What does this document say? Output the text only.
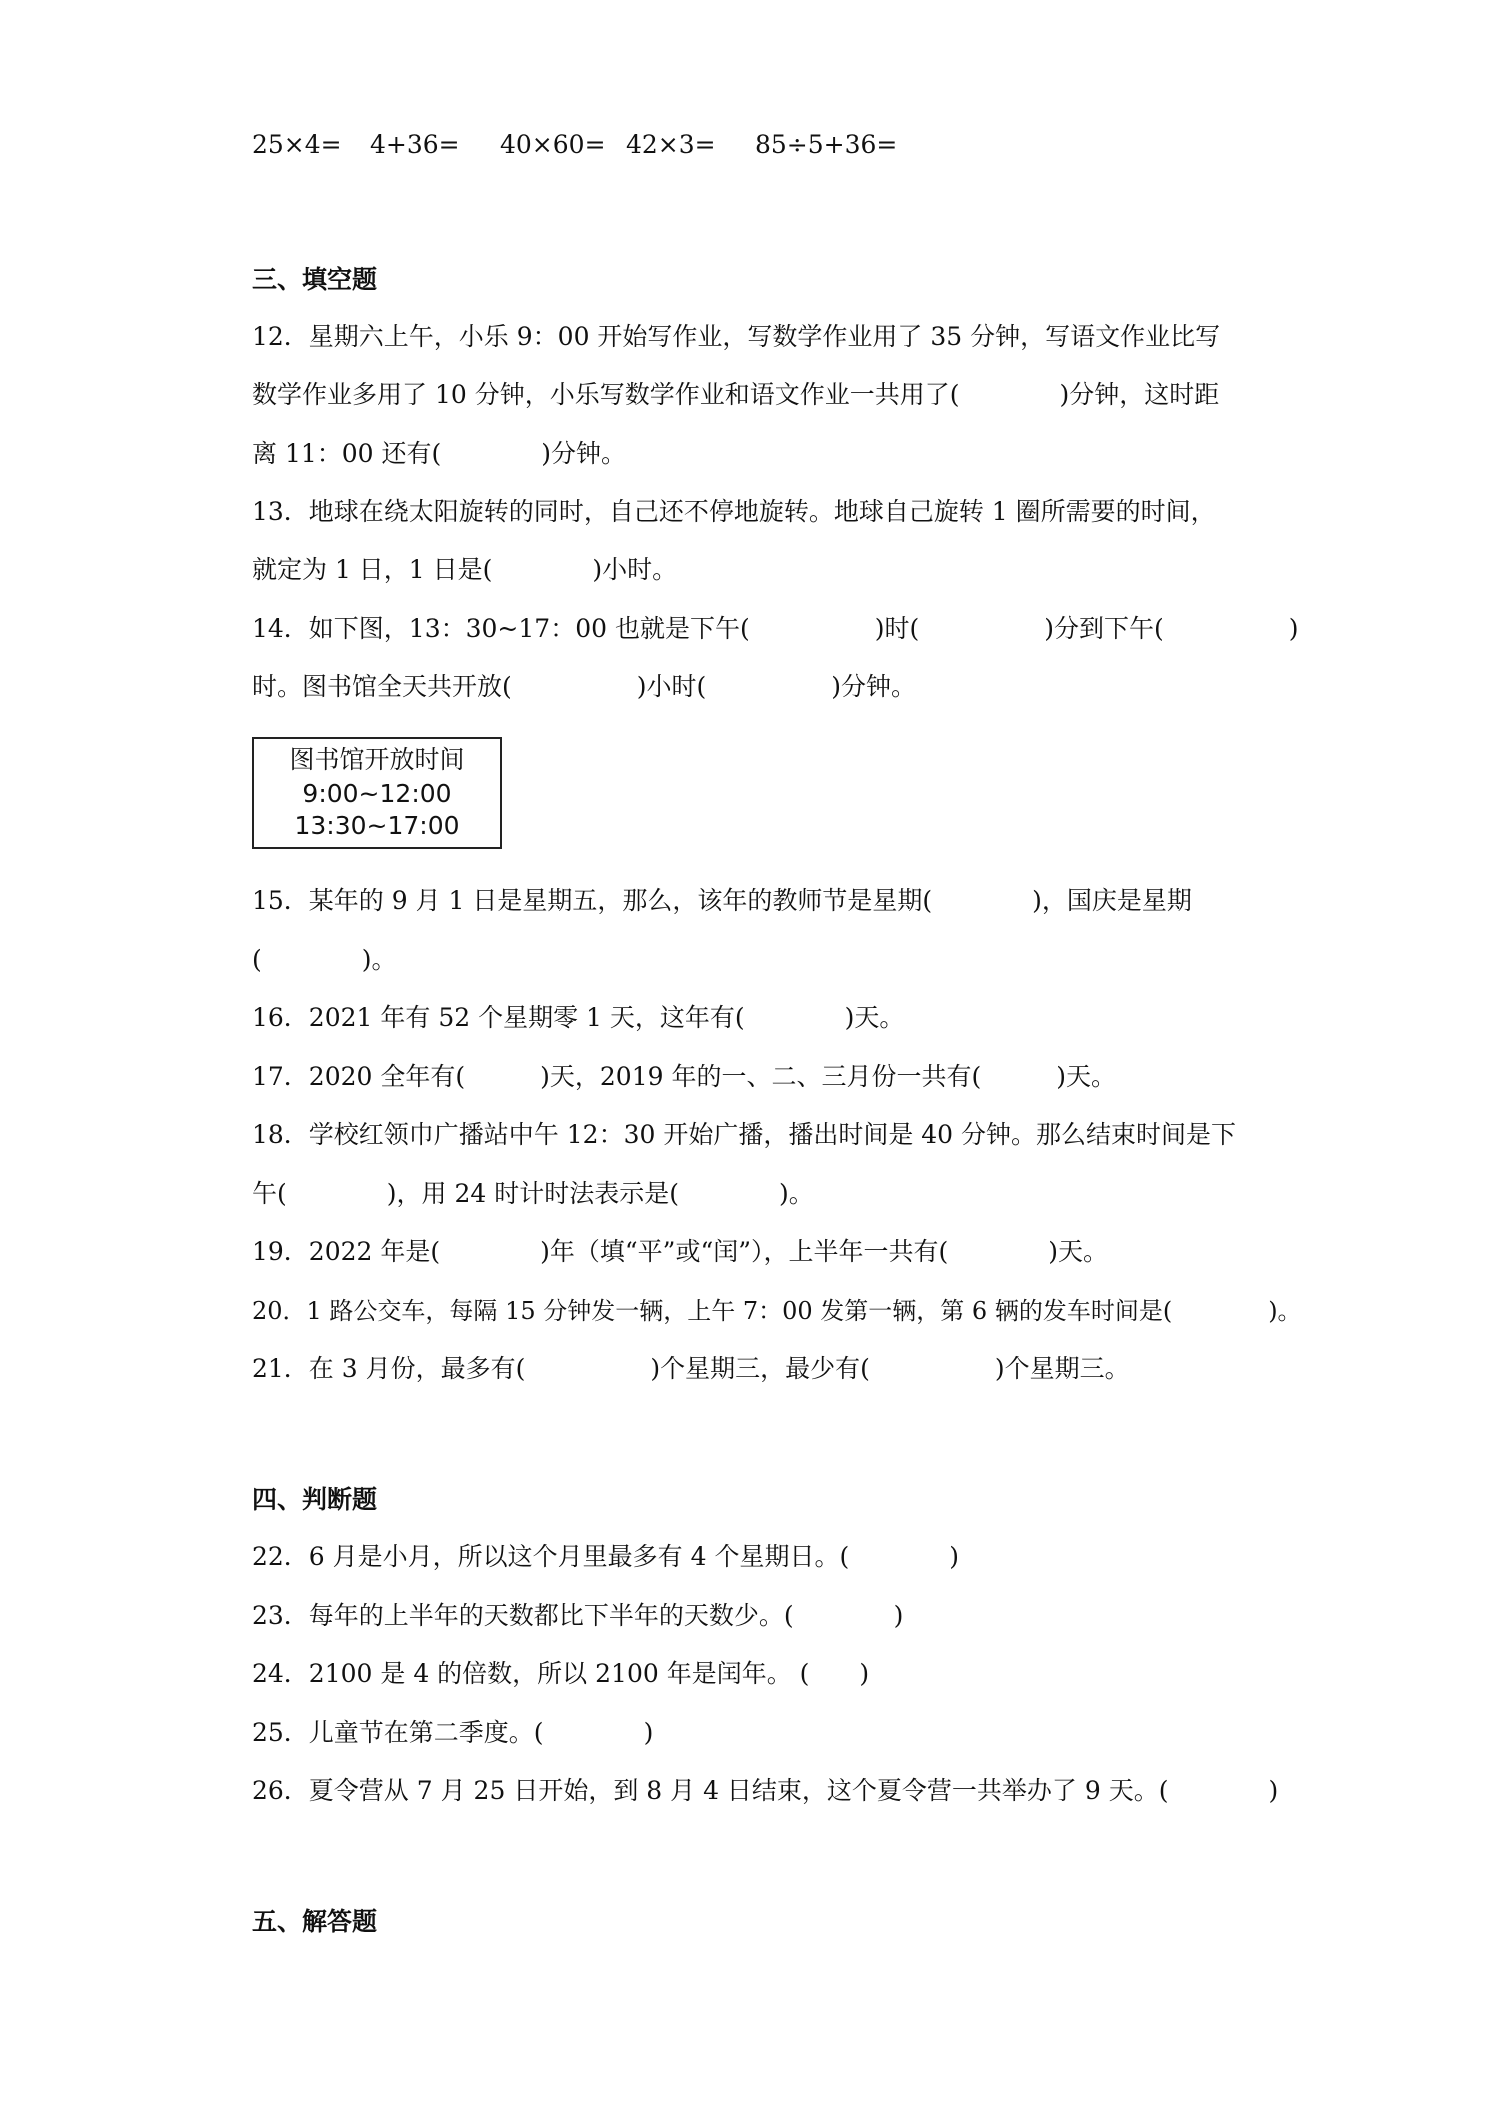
25×4= 4+36= 40×60= 42×3= 85÷5+36=
三、填空题
12．星期六上午，小乐 9：00 开始写作业，写数学作业用了 35 分钟，写语文作业比写
数学作业多用了 10 分钟，小乐写数学作业和语文作业一共用了(　　　　)分钟，这时距
离 11：00 还有(　　　　)分钟。
13．地球在绕太阳旋转的同时，自己还不停地旋转。地球自己旋转 1 圈所需要的时间，
就定为 1 日，1 日是(　　　　)小时。
14．如下图，13：30~17：00 也就是下午(　　　　　)时(　　　　　)分到下午(　　　　　)
时。图书馆全天共开放(　　　　　)小时(　　　　　)分钟。
图书馆开放时间
9:00~12:00
13:30~17:00
15．某年的 9 月 1 日是星期五，那么，该年的教师节是星期(　　　　)，国庆是星期
(　　　　)。
16．2021 年有 52 个星期零 1 天，这年有(　　　　)天。
17．2020 全年有(　　　)天，2019 年的一、二、三月份一共有(　　　)天。
18．学校红领巾广播站中午 12：30 开始广播，播出时间是 40 分钟。那么结束时间是下
午(　　　　)，用 24 时计时法表示是(　　　　)。
19．2022 年是(　　　　)年（填“平”或“闰”），上半年一共有(　　　　)天。
20．1 路公交车，每隔 15 分钟发一辆，上午 7：00 发第一辆，第 6 辆的发车时间是(　　　　)。
21．在 3 月份，最多有(　　　　　)个星期三，最少有(　　　　　)个星期三。
四、判断题
22．6 月是小月，所以这个月里最多有 4 个星期日。(　　　　)
23．每年的上半年的天数都比下半年的天数少。(　　　　)
24．2100 是 4 的倍数，所以 2100 年是闰年。 (　　)
25．儿童节在第二季度。(　　　　)
26．夏令营从 7 月 25 日开始，到 8 月 4 日结束，这个夏令营一共举办了 9 天。(　　　　)
五、解答题
